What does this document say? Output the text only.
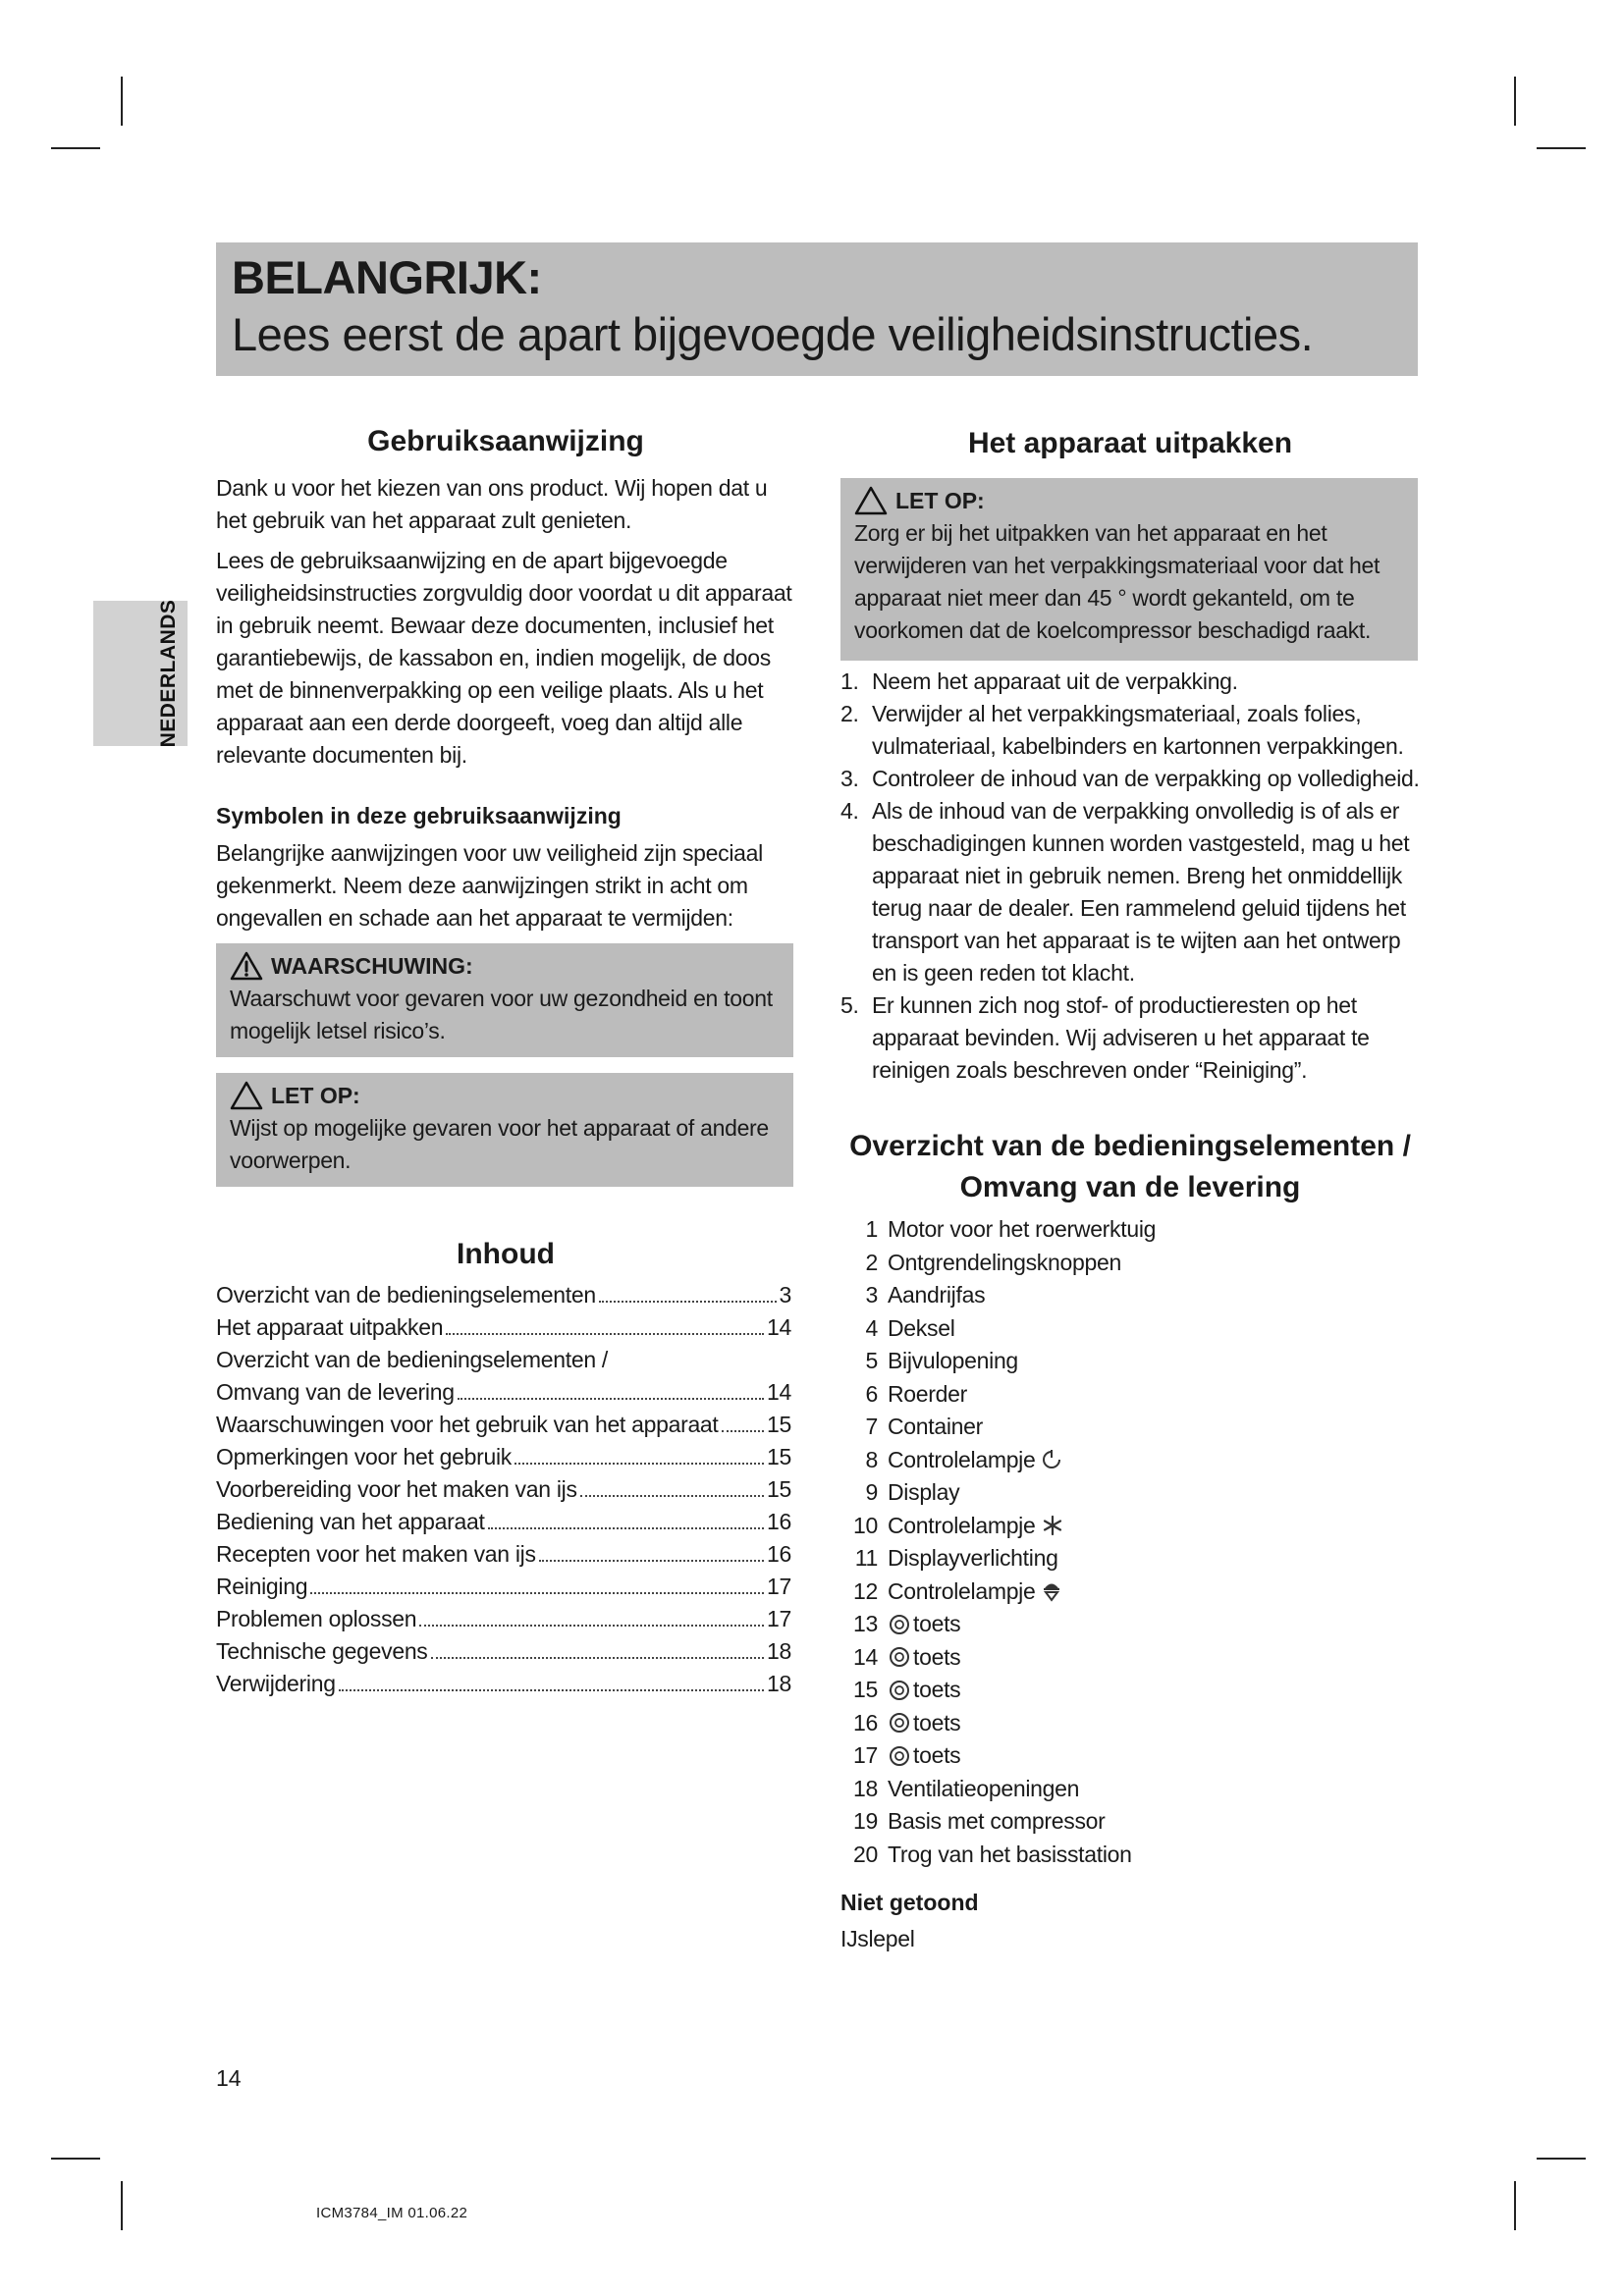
BELANGRIJK:
Lees eerst de apart bijgevoegde veiligheidsinstructies.
NEDERLANDS
Gebruiksaanwijzing

Dank u voor het kiezen van ons product. Wij hopen dat u het gebruik van het apparaat zult genieten.

Lees de gebruiksaanwijzing en de apart bijgevoegde veiligheidsinstructies zorgvuldig door voordat u dit apparaat in gebruik neemt. Bewaar deze documenten, inclusief het garantiebewijs, de kassabon en, indien mogelijk, de doos met de binnenverpakking op een veilige plaats. Als u het apparaat aan een derde doorgeeft, voeg dan altijd alle relevante documenten bij.

Symbolen in deze gebruiksaanwijzing

Belangrijke aanwijzingen voor uw veiligheid zijn speciaal gekenmerkt. Neem deze aanwijzingen strikt in acht om ongevallen en schade aan het apparaat te vermijden:

WAARSCHUWING:
Waarschuwt voor gevaren voor uw gezondheid en toont mogelijk letsel risico’s.
LET OP:
Wijst op mogelijke gevaren voor het apparaat of andere voorwerpen.
Inhoud
Overzicht van de bedieningselementen	3
Het apparaat uitpakken	14
Overzicht van de bedieningselementen /
Omvang van de levering	14
Waarschuwingen voor het gebruik van het apparaat 15
Opmerkingen voor het gebruik	15
Voorbereiding voor het maken van ijs	15
Bediening van het apparaat	16
Recepten voor het maken van ijs	16
Reiniging	17
Problemen oplossen	17
Technische gegevens	18
Verwijdering	18
Het apparaat uitpakken
LET OP:
Zorg er bij het uitpakken van het apparaat en het verwijderen van het verpakkingsmateriaal voor dat het apparaat niet meer dan 45 ° wordt gekanteld, om te voorkomen dat de koelcompressor beschadigd raakt.
1. Neem het apparaat uit de verpakking.
2. Verwijder al het verpakkingsmateriaal, zoals folies, vulmateriaal, kabelbinders en kartonnen verpakkingen.
3. Controleer de inhoud van de verpakking op volledigheid.
4. Als de inhoud van de verpakking onvolledig is of als er beschadigingen kunnen worden vastgesteld, mag u het apparaat niet in gebruik nemen. Breng het onmiddellijk terug naar de dealer. Een rammelend geluid tijdens het transport van het apparaat is te wijten aan het ontwerp en is geen reden tot klacht.
5. Er kunnen zich nog stof- of productieresten op het apparaat bevinden. Wij adviseren u het apparaat te reinigen zoals beschreven onder “Reiniging”.
Overzicht van de bedieningselementen /
Omvang van de levering
Niet getoond

IJslepel

1 Motor voor het roerwerktuig
2 Ontgrendelingsknoppen
3 Aandrijfas
4 Deksel
5 Bijvulopening
6 Roerder
7 Container
8 Controlelampje
9 Display
10 Controlelampje
11 Displayverlichting
12 Controlelampje
13	toets
14	toets
15	toets
16	toets
17	toets
18 Ventilatieopeningen
19 Basis met compressor
20 Trog van het basisstation
14
ICM3784_IM 01.06.22
